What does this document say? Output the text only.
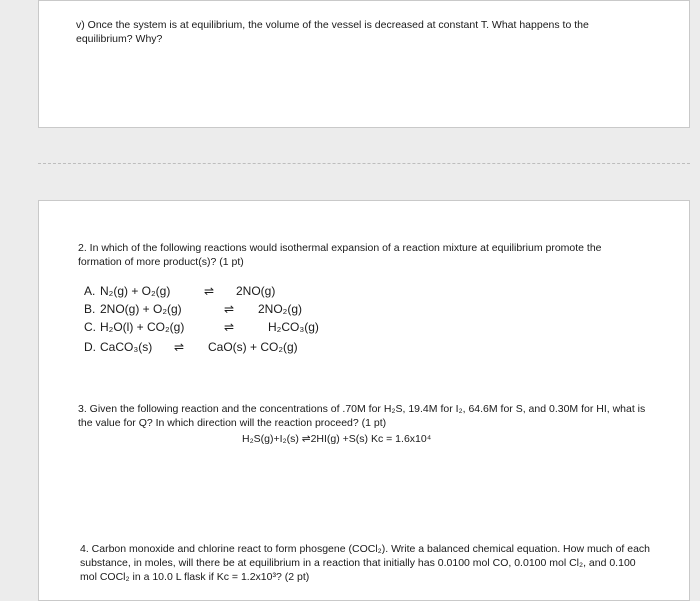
v) Once the system is at equilibrium, the volume of the vessel is decreased at constant T. What happens to the equilibrium? Why?
2. In which of the following reactions would isothermal expansion of a reaction mixture at equilibrium promote the formation of more product(s)? (1 pt)
A. N₂(g) + O₂(g)	⇌ 2NO(g)
B. 2NO(g) + O₂(g)	⇌ 2NO₂(g)
C. H₂O(l) + CO₂(g)	⇌	H₂CO₃(g)
D. CaCO₃(s) ⇌ CaO(s) + CO₂(g)
3. Given the following reaction and the concentrations of .70M for H₂S, 19.4M for I₂, 64.6M for S, and 0.30M for HI, what is the value for Q? In which direction will the reaction proceed? (1 pt)
H₂S(g)+I₂(s) ⇌2HI(g) +S(s) Kc = 1.6x10⁴
4. Carbon monoxide and chlorine react to form phosgene (COCl₂). Write a balanced chemical equation. How much of each substance, in moles, will there be at equilibrium in a reaction that initially has 0.0100 mol CO, 0.0100 mol Cl₂, and 0.100 mol COCl₂ in a 10.0 L flask if Kc = 1.2x10³? (2 pt)
